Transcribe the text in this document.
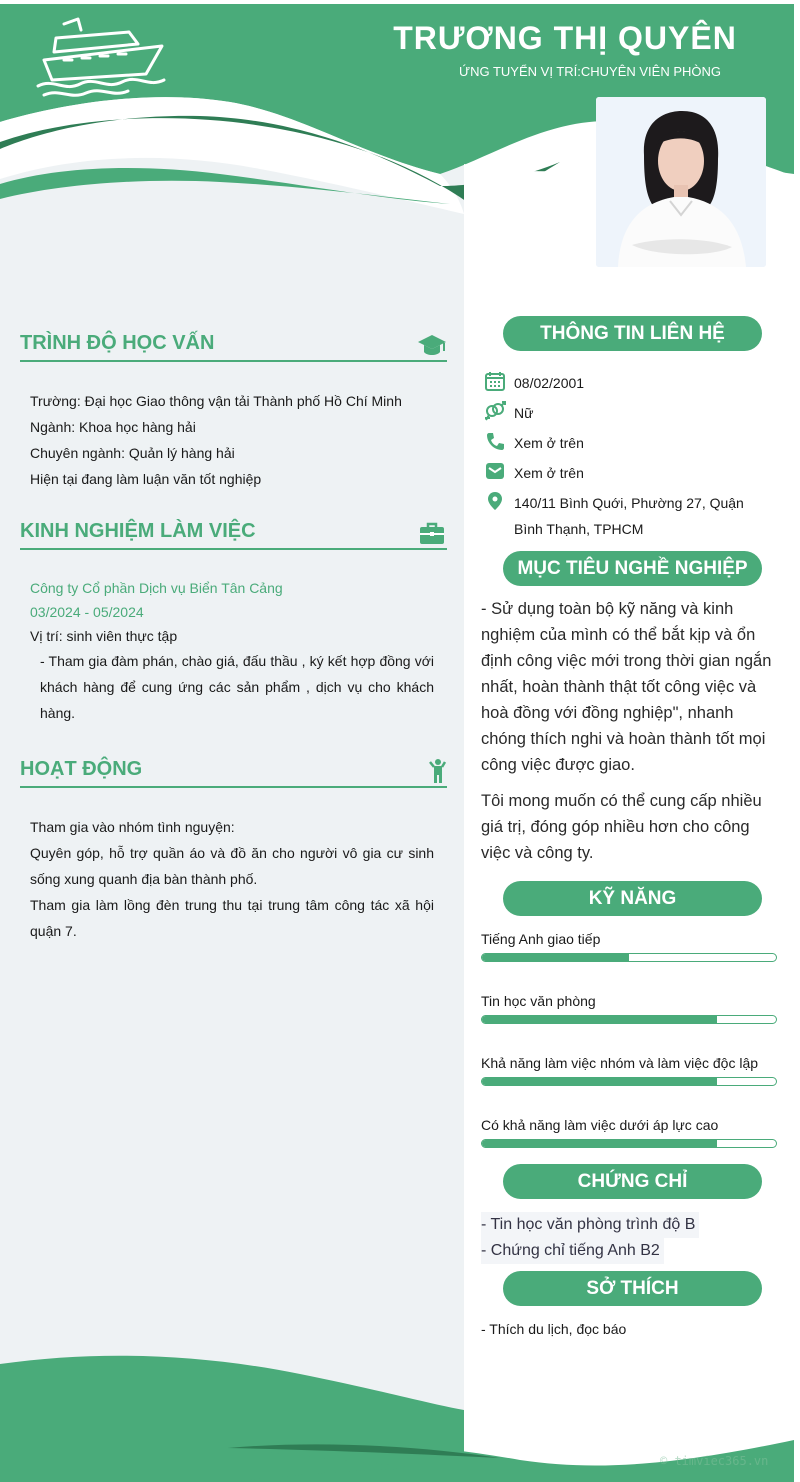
TRƯƠNG THỊ QUYÊN
ỨNG TUYỂN VỊ TRÍ:CHUYÊN VIÊN PHÒNG
TRÌNH ĐỘ HỌC VẤN

Trường: Đại học Giao thông vận tải Thành phố Hồ Chí Minh

Ngành: Khoa học hàng hải

Chuyên ngành: Quản lý hàng hải

Hiện tại đang làm luận văn tốt nghiệp

KINH NGHIỆM LÀM VIỆC

Công ty Cổ phần Dịch vụ Biển Tân Cảng

03/2024 - 05/2024

Vị trí: sinh viên thực tập

- Tham gia đàm phán, chào giá, đấu thầu , ký kết hợp đồng với khách hàng để cung ứng các sản phẩm , dịch vụ cho khách hàng.

HOẠT ĐỘNG

Tham gia vào nhóm tình nguyện:

Quyên góp, hỗ trợ quần áo và đồ ăn cho người vô gia cư sinh sống xung quanh địa bàn thành phố.

Tham gia làm lồng đèn trung thu tại trung tâm công tác xã hội quận 7.

THÔNG TIN LIÊN HỆ
08/02/2001
Nữ
Xem ở trên
Xem ở trên
140/11 Bình Quới, Phường 27, Quận Bình Thạnh, TPHCM
MỤC TIÊU NGHỀ NGHIỆP

- Sử dụng toàn bộ kỹ năng và kinh nghiệm của mình có thể bắt kịp và ổn định công việc mới trong thời gian ngắn nhất, hoàn thành thật tốt công việc và hoà đồng với đồng nghiệp", nhanh chóng thích nghi và hoàn thành tốt mọi công việc được giao.

Tôi mong muốn có thể cung cấp nhiều giá trị, đóng góp nhiều hơn cho công việc và công ty.

KỸ NĂNG
Tiếng Anh giao tiếp
Tin học văn phòng
Khả năng làm việc nhóm và làm việc độc lập
Có khả năng làm việc dưới áp lực cao
CHỨNG CHỈ
- Tin học văn phòng trình độ B
- Chứng chỉ tiếng Anh B2
SỞ THÍCH
- Thích du lịch, đọc báo
© timviec365.vn
